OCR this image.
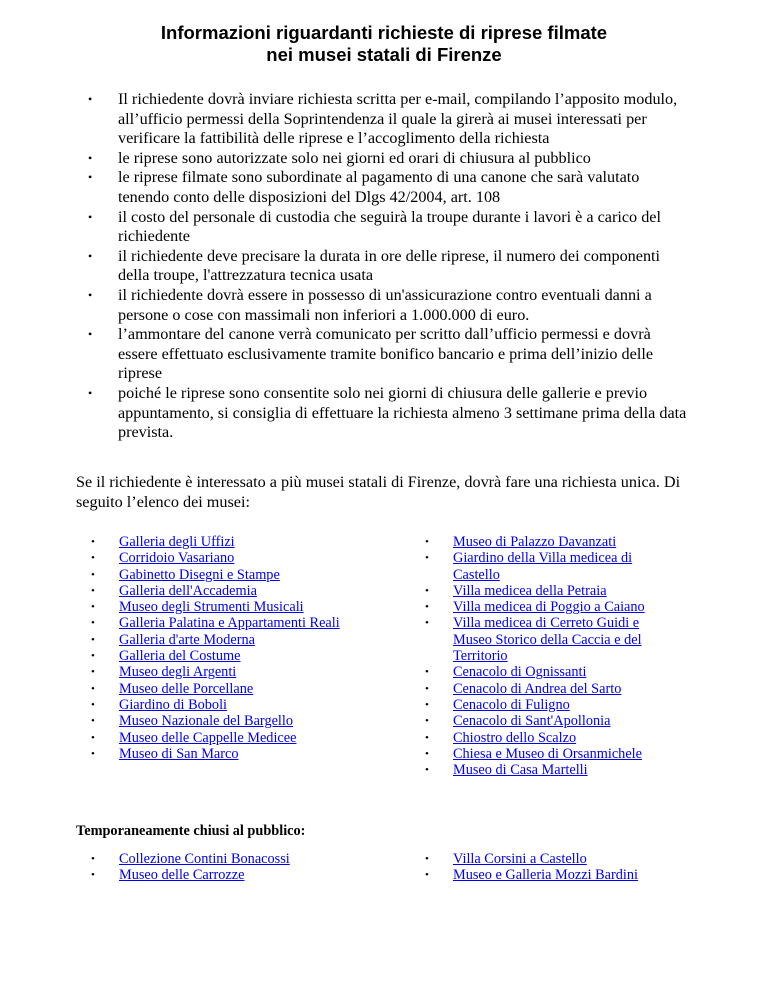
Informazioni riguardanti richieste di riprese filmate
nei musei statali di Firenze
• Il richiedente dovrà inviare richiesta scritta per e-mail, compilando l’apposito modulo, all’ufficio permessi della Soprintendenza il quale la girerà ai musei interessati per verificare la fattibilità delle riprese e l’accoglimento della richiesta
• le riprese sono autorizzate solo nei giorni ed orari di chiusura al pubblico
• le riprese filmate sono subordinate al pagamento di una canone che sarà valutato tenendo conto delle disposizioni del Dlgs 42/2004, art. 108
• il costo del personale di custodia che seguirà la troupe durante i lavori è a carico del richiedente
• il richiedente deve precisare la durata in ore delle riprese, il numero dei componenti della troupe, l'attrezzatura tecnica usata
• il richiedente dovrà essere in possesso di un'assicurazione contro eventuali danni a persone o cose con massimali non inferiori a 1.000.000 di euro.
• l’ammontare del canone verrà comunicato per scritto dall’ufficio permessi e dovrà essere effettuato esclusivamente tramite bonifico bancario e prima dell’inizio delle riprese
• poiché le riprese sono consentite solo nei giorni di chiusura delle gallerie e previo appuntamento, si consiglia di effettuare la richiesta almeno 3 settimane prima della data prevista.
Se il richiedente è interessato a più musei statali di Firenze, dovrà fare una richiesta unica. Di seguito l’elenco dei musei:
• Galleria degli Uffizi
• Corridoio Vasariano
• Gabinetto Disegni e Stampe
• Galleria dell'Accademia
• Museo degli Strumenti Musicali
• Galleria Palatina e Appartamenti Reali
• Galleria d'arte Moderna
• Galleria del Costume
• Museo degli Argenti
• Museo delle Porcellane
• Giardino di Boboli
• Museo Nazionale del Bargello
• Museo delle Cappelle Medicee
• Museo di San Marco
• Museo di Palazzo Davanzati
• Giardino della Villa medicea di Castello
• Villa medicea della Petraia
• Villa medicea di Poggio a Caiano
• Villa medicea di Cerreto Guidi e Museo Storico della Caccia e del Territorio
• Cenacolo di Ognissanti
• Cenacolo di Andrea del Sarto
• Cenacolo di Fuligno
• Cenacolo di Sant'Apollonia
• Chiostro dello Scalzo
• Chiesa e Museo di Orsanmichele
• Museo di Casa Martelli
Temporaneamente chiusi al pubblico:
• Collezione Contini Bonacossi
• Museo delle Carrozze
• Villa Corsini a Castello
• Museo e Galleria Mozzi Bardini
